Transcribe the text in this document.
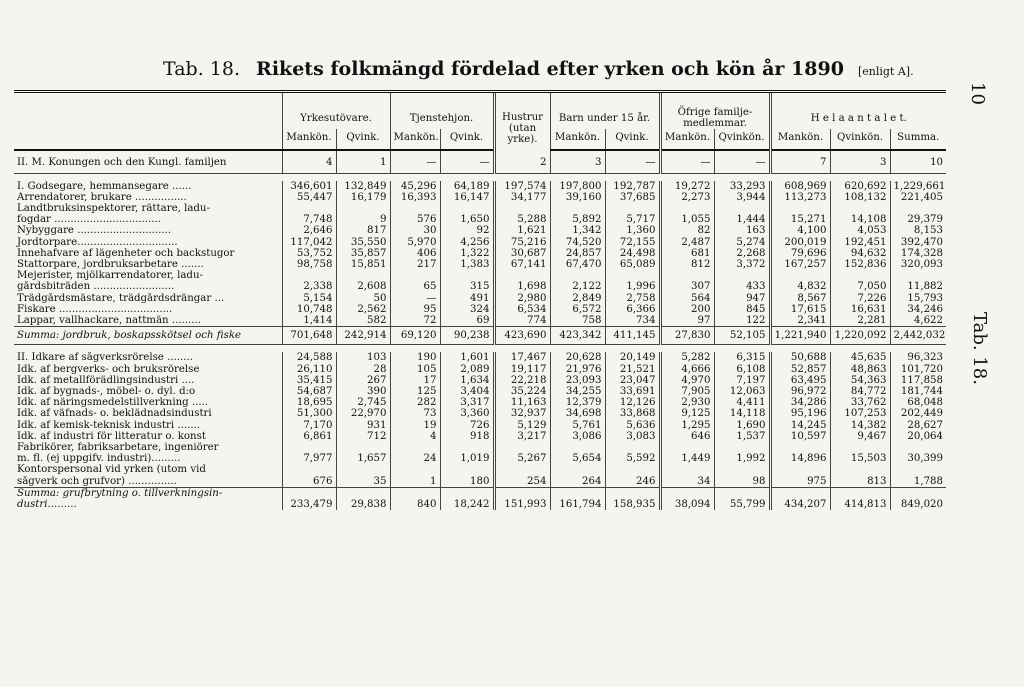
Tab. 18. Rikets folkmängd fördelad efter yrken och kön år 1890 [enligt A].
10
Tab. 18.
	Yrkesutövare.		Tjenstehjon.		Hustrur (utan yrke).	Barn under 15 år.		Öfrige familje-medlemmar.		H e l a a n t a l e t.		
	Mankön.	Qvink.	Mankön.	Qvink.		Mankön.	Qvink.	Mankön.	Qvinkön.	Mankön.	Qvinkön.	Summa.
II. M. Konungen och den Kungl. familjen	4	1	—	—	2	3	—	—	—	7	3	10

I. Godsegare, hemmansegare ......	346,601	132,849	45,296	64,189	197,574	197,800	192,787	19,272	33,293	608,969	620,692	1,229,661
Arrendatorer, brukare ................	55,447	16,179	16,393	16,147	34,177	39,160	37,685	2,273	3,944	113,273	108,132	221,405
Landtbruksinspektorer, rättare, ladu-												
fogdar .................................	7,748	9	576	1,650	5,288	5,892	5,717	1,055	1,444	15,271	14,108	29,379
Nybyggare .............................	2,646	817	30	92	1,621	1,342	1,360	82	163	4,100	4,053	8,153
Jordtorpare...............................	117,042	35,550	5,970	4,256	75,216	74,520	72,155	2,487	5,274	200,019	192,451	392,470
Innehafvare af lägenheter och backstugor	53,752	35,857	406	1,322	30,687	24,857	24,498	681	2,268	79,696	94,632	174,328
Stattorpare, jordbruksarbetare .......	98,758	15,851	217	1,383	67,141	67,470	65,089	812	3,372	167,257	152,836	320,093
Mejerister, mjölkarrendatorer, ladu-												
gårdsbiträden .........................	2,338	2,608	65	315	1,698	2,122	1,996	307	433	4,832	7,050	11,882
Trädgårdsmästare, trädgårdsdrängar ...	5,154	50	—	491	2,980	2,849	2,758	564	947	8,567	7,226	15,793
Fiskare ...................................	10,748	2,562	95	324	6,534	6,572	6,366	200	845	17,615	16,631	34,246
Lappar, vallhackare, nattmän .........	1,414	582	72	69	774	758	734	97	122	2,341	2,281	4,622
Summa: jordbruk, boskapsskötsel och fiske	701,648	242,914	69,120	90,238	423,690	423,342	411,145	27,830	52,105	1,221,940	1,220,092	2,442,032

II. Idkare af sågverksrörelse ........	24,588	103	190	1,601	17,467	20,628	20,149	5,282	6,315	50,688	45,635	96,323
Idk. af bergverks- och bruksrörelse	26,110	28	105	2,089	19,117	21,976	21,521	4,666	6,108	52,857	48,863	101,720
Idk. af metallförädlingsindustri ....	35,415	267	17	1,634	22,218	23,093	23,047	4,970	7,197	63,495	54,363	117,858
Idk. af bygnads-, möbel- o. dyl. d:o	54,687	390	125	3,404	35,224	34,255	33,691	7,905	12,063	96,972	84,772	181,744
Idk. af näringsmedelstillverkning .....	18,695	2,745	282	3,317	11,163	12,379	12,126	2,930	4,411	34,286	33,762	68,048
Idk. af väfnads- o. beklädnadsindustri	51,300	22,970	73	3,360	32,937	34,698	33,868	9,125	14,118	95,196	107,253	202,449
Idk. af kemisk-teknisk industri .......	7,170	931	19	726	5,129	5,761	5,636	1,295	1,690	14,245	14,382	28,627
Idk. af industri för litteratur o. konst	6,861	712	4	918	3,217	3,086	3,083	646	1,537	10,597	9,467	20,064
Fabrikörer, fabriksarbetare, ingeniörer												
m. fl. (ej uppgifv. industri).........	7,977	1,657	24	1,019	5,267	5,654	5,592	1,449	1,992	14,896	15,503	30,399
Kontorspersonal vid yrken (utom vid												
sågverk och grufvor) ...............	676	35	1	180	254	264	246	34	98	975	813	1,788
Summa: grufbrytning o. tillverkningsin-												
dustri.........	233,479	29,838	840	18,242	151,993	161,794	158,935	38,094	55,799	434,207	414,813	849,020
